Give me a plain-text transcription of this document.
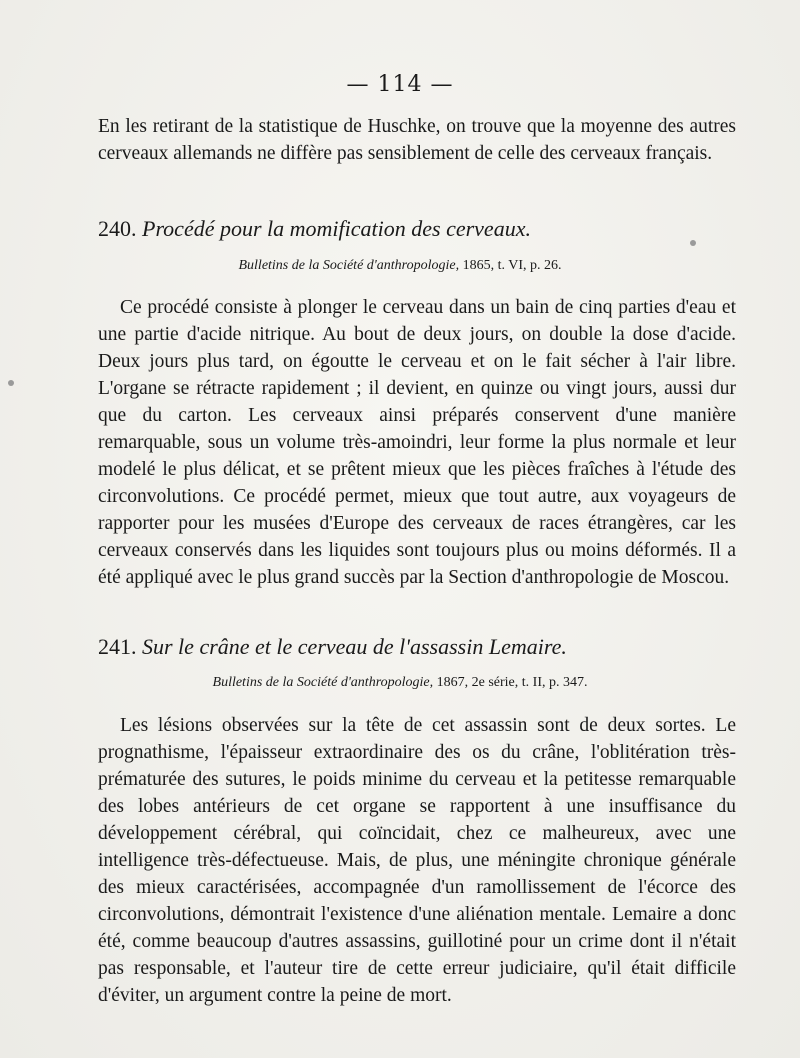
— 114 —
En les retirant de la statistique de Huschke, on trouve que la moyenne des autres cerveaux allemands ne diffère pas sensiblement de celle des cerveaux français.
240. Procédé pour la momification des cerveaux.
Bulletins de la Société d'anthropologie, 1865, t. VI, p. 26.
Ce procédé consiste à plonger le cerveau dans un bain de cinq parties d'eau et une partie d'acide nitrique. Au bout de deux jours, on double la dose d'acide. Deux jours plus tard, on égoutte le cerveau et on le fait sécher à l'air libre. L'organe se rétracte rapidement ; il devient, en quinze ou vingt jours, aussi dur que du carton. Les cerveaux ainsi préparés conservent d'une manière remarquable, sous un volume très-amoindri, leur forme la plus normale et leur modelé le plus délicat, et se prêtent mieux que les pièces fraîches à l'étude des circonvolutions. Ce procédé permet, mieux que tout autre, aux voyageurs de rapporter pour les musées d'Europe des cerveaux de races étrangères, car les cerveaux conservés dans les liquides sont toujours plus ou moins déformés. Il a été appliqué avec le plus grand succès par la Section d'anthropologie de Moscou.
241. Sur le crâne et le cerveau de l'assassin Lemaire.
Bulletins de la Société d'anthropologie, 1867, 2e série, t. II, p. 347.
Les lésions observées sur la tête de cet assassin sont de deux sortes. Le prognathisme, l'épaisseur extraordinaire des os du crâne, l'oblitération très-prématurée des sutures, le poids minime du cerveau et la petitesse remarquable des lobes antérieurs de cet organe se rapportent à une insuffisance du développement cérébral, qui coïncidait, chez ce malheureux, avec une intelligence très-défectueuse. Mais, de plus, une méningite chronique générale des mieux caractérisées, accompagnée d'un ramollissement de l'écorce des circonvolutions, démontrait l'existence d'une aliénation mentale. Lemaire a donc été, comme beaucoup d'autres assassins, guillotiné pour un crime dont il n'était pas responsable, et l'auteur tire de cette erreur judiciaire, qu'il était difficile d'éviter, un argument contre la peine de mort.
